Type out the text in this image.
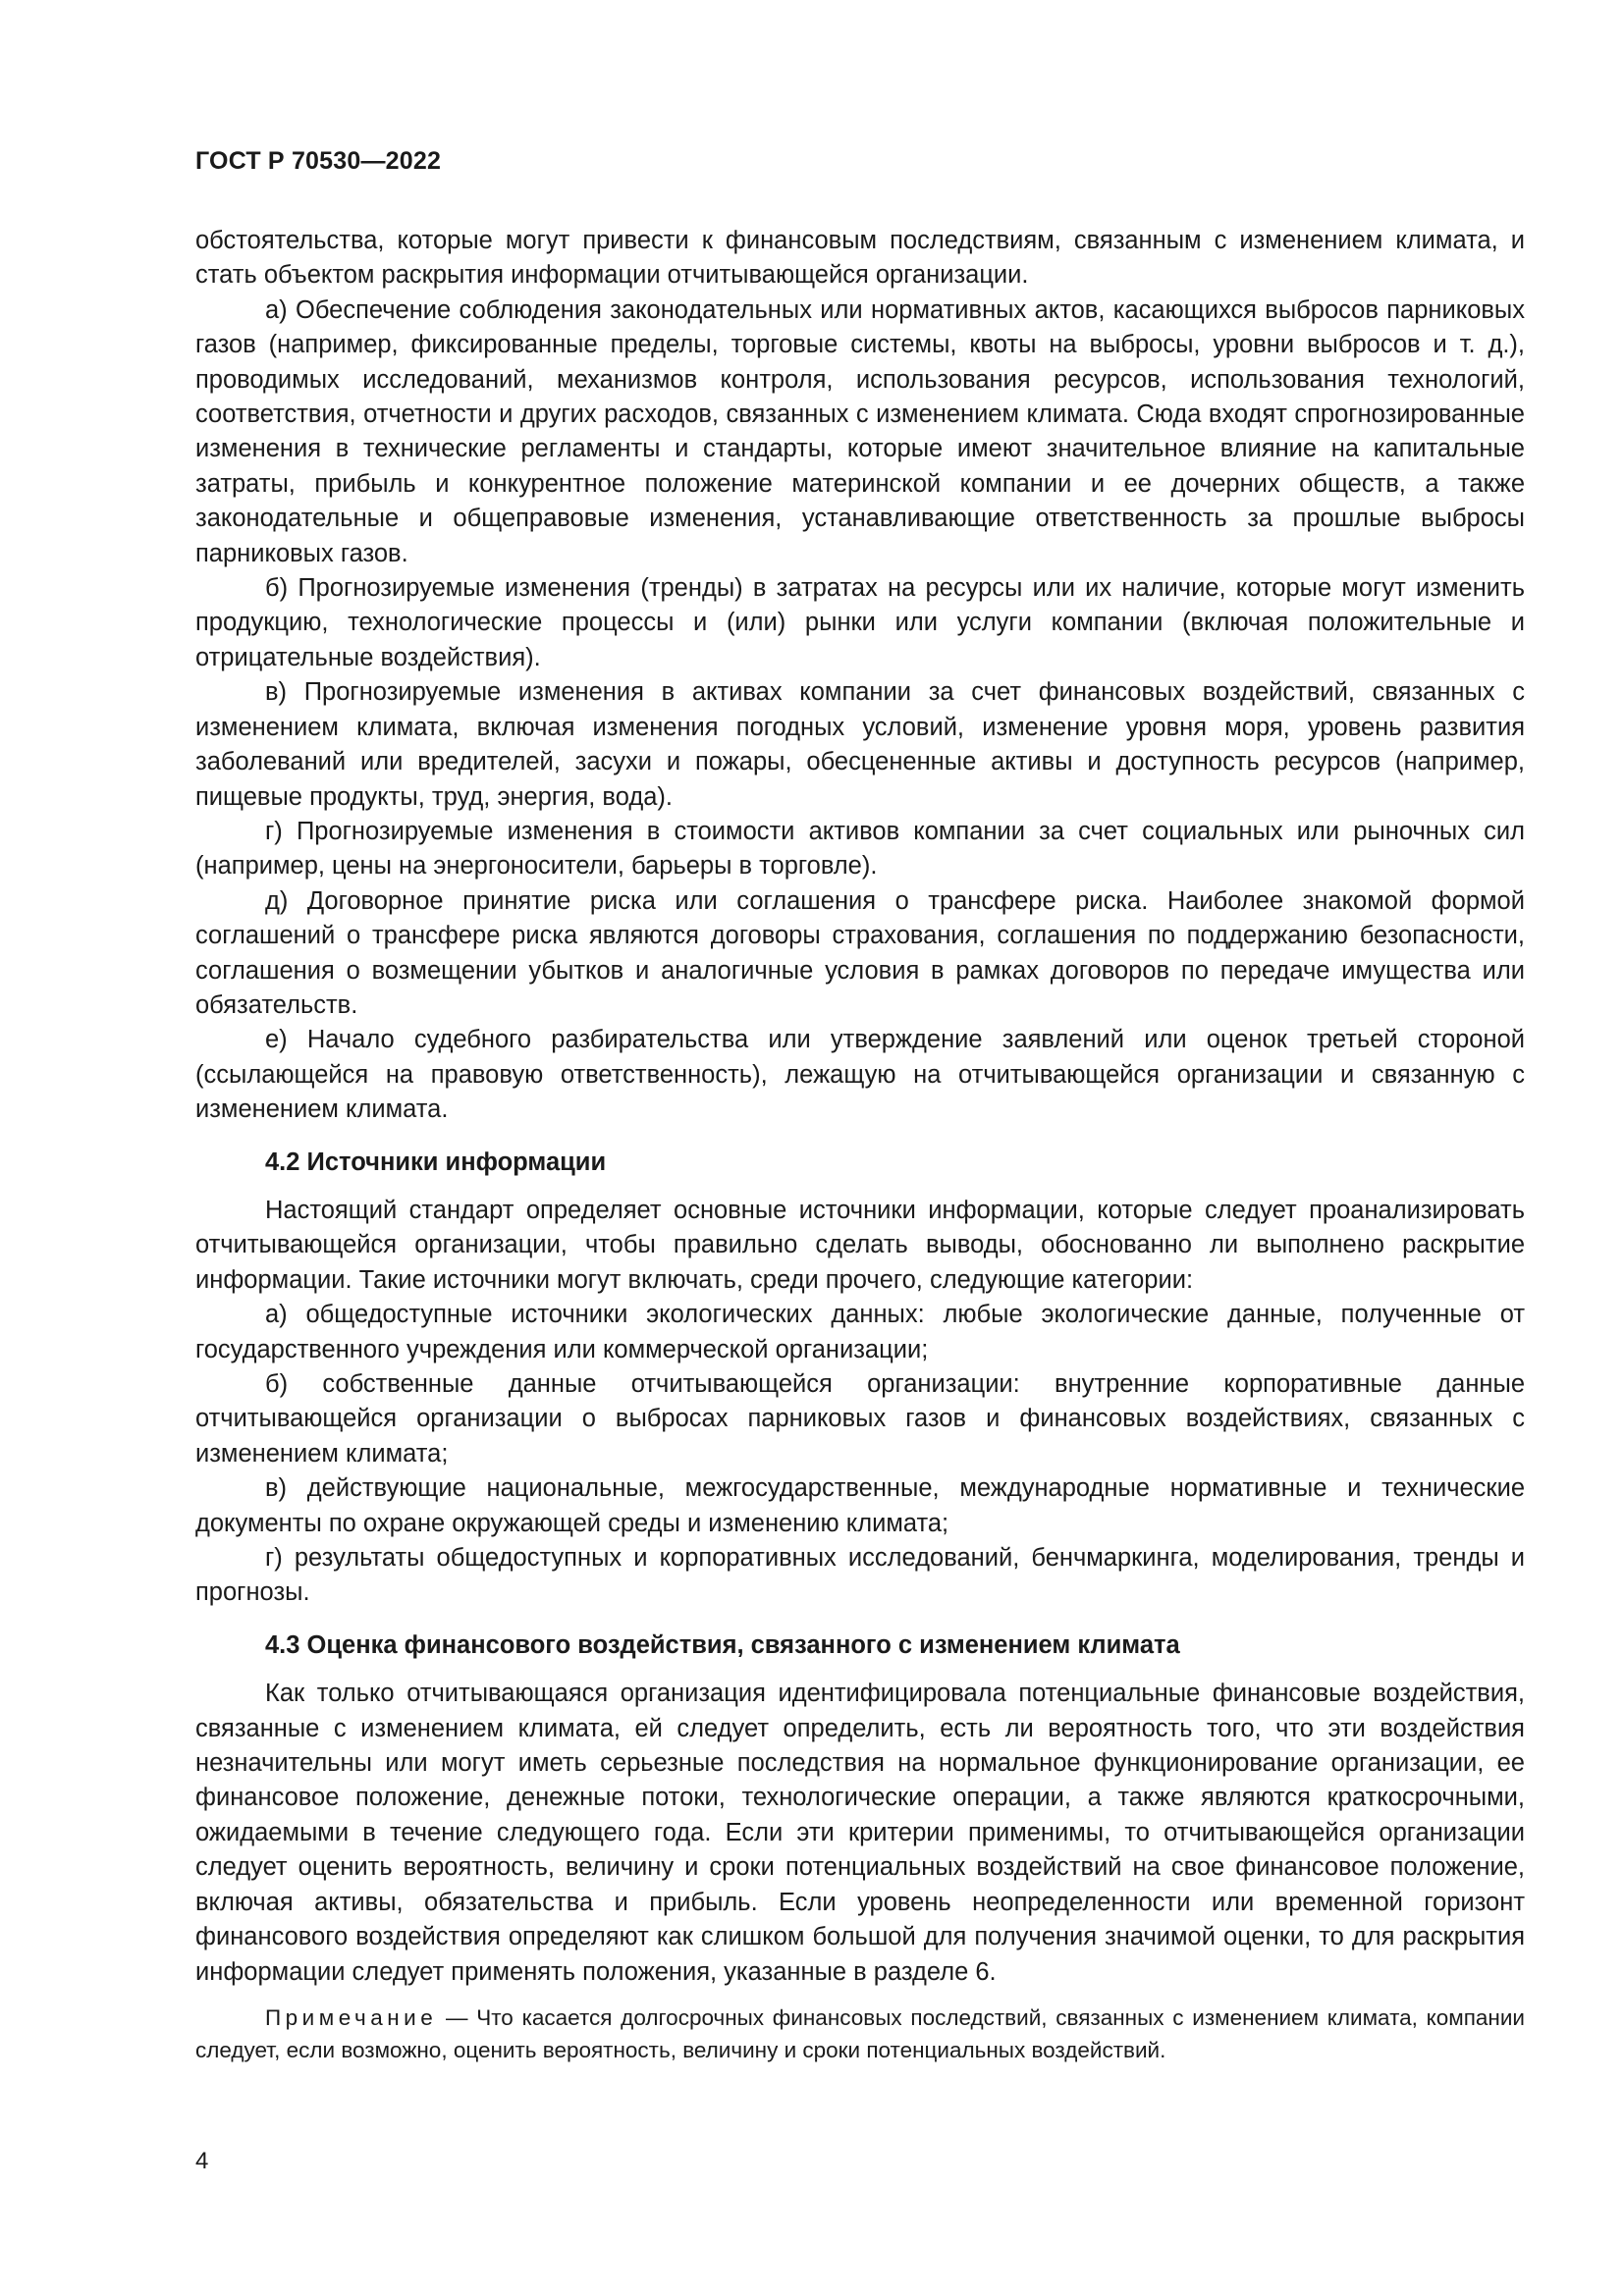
ГОСТ Р 70530—2022

обстоятельства, которые могут привести к финансовым последствиям, связанным с изменением климата, и стать объектом раскрытия информации отчитывающейся организации.

а) Обеспечение соблюдения законодательных или нормативных актов, касающихся выбросов парниковых газов (например, фиксированные пределы, торговые системы, квоты на выбросы, уровни выбросов и т. д.), проводимых исследований, механизмов контроля, использования ресурсов, использования технологий, соответствия, отчетности и других расходов, связанных с изменением климата. Сюда входят спрогнозированные изменения в технические регламенты и стандарты, которые имеют значительное влияние на капитальные затраты, прибыль и конкурентное положение материнской компании и ее дочерних обществ, а также законодательные и общеправовые изменения, устанавливающие ответственность за прошлые выбросы парниковых газов.

б) Прогнозируемые изменения (тренды) в затратах на ресурсы или их наличие, которые могут изменить продукцию, технологические процессы и (или) рынки или услуги компании (включая положительные и отрицательные воздействия).

в) Прогнозируемые изменения в активах компании за счет финансовых воздействий, связанных с изменением климата, включая изменения погодных условий, изменение уровня моря, уровень развития заболеваний или вредителей, засухи и пожары, обесцененные активы и доступность ресурсов (например, пищевые продукты, труд, энергия, вода).

г) Прогнозируемые изменения в стоимости активов компании за счет социальных или рыночных сил (например, цены на энергоносители, барьеры в торговле).

д) Договорное принятие риска или соглашения о трансфере риска. Наиболее знакомой формой соглашений о трансфере риска являются договоры страхования, соглашения по поддержанию безопасности, соглашения о возмещении убытков и аналогичные условия в рамках договоров по передаче имущества или обязательств.

е) Начало судебного разбирательства или утверждение заявлений или оценок третьей стороной (ссылающейся на правовую ответственность), лежащую на отчитывающейся организации и связанную с изменением климата.

4.2 Источники информации

Настоящий стандарт определяет основные источники информации, которые следует проанализировать отчитывающейся организации, чтобы правильно сделать выводы, обоснованно ли выполнено раскрытие информации. Такие источники могут включать, среди прочего, следующие категории:

а) общедоступные источники экологических данных: любые экологические данные, полученные от государственного учреждения или коммерческой организации;

б) собственные данные отчитывающейся организации: внутренние корпоративные данные отчитывающейся организации о выбросах парниковых газов и финансовых воздействиях, связанных с изменением климата;

в) действующие национальные, межгосударственные, международные нормативные и технические документы по охране окружающей среды и изменению климата;

г) результаты общедоступных и корпоративных исследований, бенчмаркинга, моделирования, тренды и прогнозы.

4.3 Оценка финансового воздействия, связанного с изменением климата

Как только отчитывающаяся организация идентифицировала потенциальные финансовые воздействия, связанные с изменением климата, ей следует определить, есть ли вероятность того, что эти воздействия незначительны или могут иметь серьезные последствия на нормальное функционирование организации, ее финансовое положение, денежные потоки, технологические операции, а также являются краткосрочными, ожидаемыми в течение следующего года. Если эти критерии применимы, то отчитывающейся организации следует оценить вероятность, величину и сроки потенциальных воздействий на свое финансовое положение, включая активы, обязательства и прибыль. Если уровень неопределенности или временной горизонт финансового воздействия определяют как слишком большой для получения значимой оценки, то для раскрытия информации следует применять положения, указанные в разделе 6.

Примечание — Что касается долгосрочных финансовых последствий, связанных с изменением климата, компании следует, если возможно, оценить вероятность, величину и сроки потенциальных воздействий.

4
